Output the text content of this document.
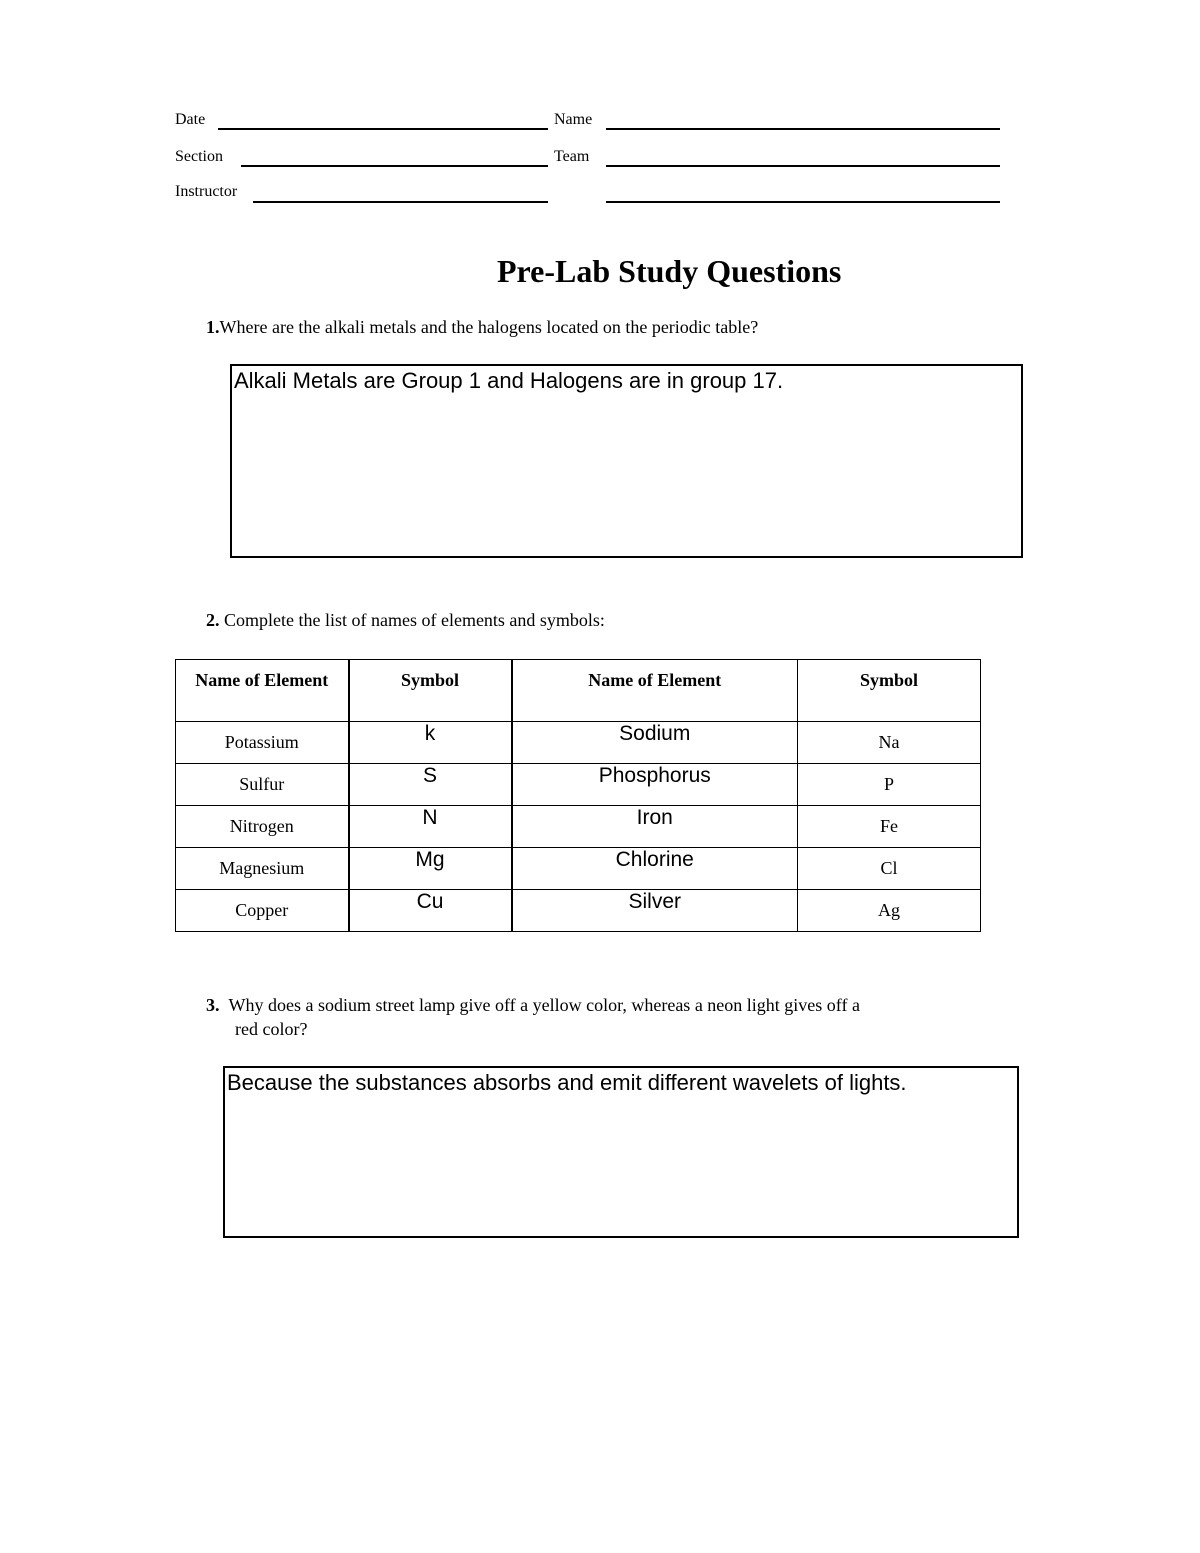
Date	Name
Section	Team
Instructor
Pre-Lab Study Questions
1.Where are the alkali metals and the halogens located on the periodic table?
Alkali Metals are Group 1 and Halogens are in group 17.
2. Complete the list of names of elements and symbols:
Name of Element	Symbol	Name of Element	Symbol
Potassium	k	Sodium	Na
Sulfur	S	Phosphorus	P
Nitrogen	N	Iron	Fe
Magnesium	Mg	Chlorine	Cl
Copper	Cu	Silver	Ag
3. Why does a sodium street lamp give off a yellow color, whereas a neon light gives off a
red color?
Because the substances absorbs and emit different wavelets of lights.
